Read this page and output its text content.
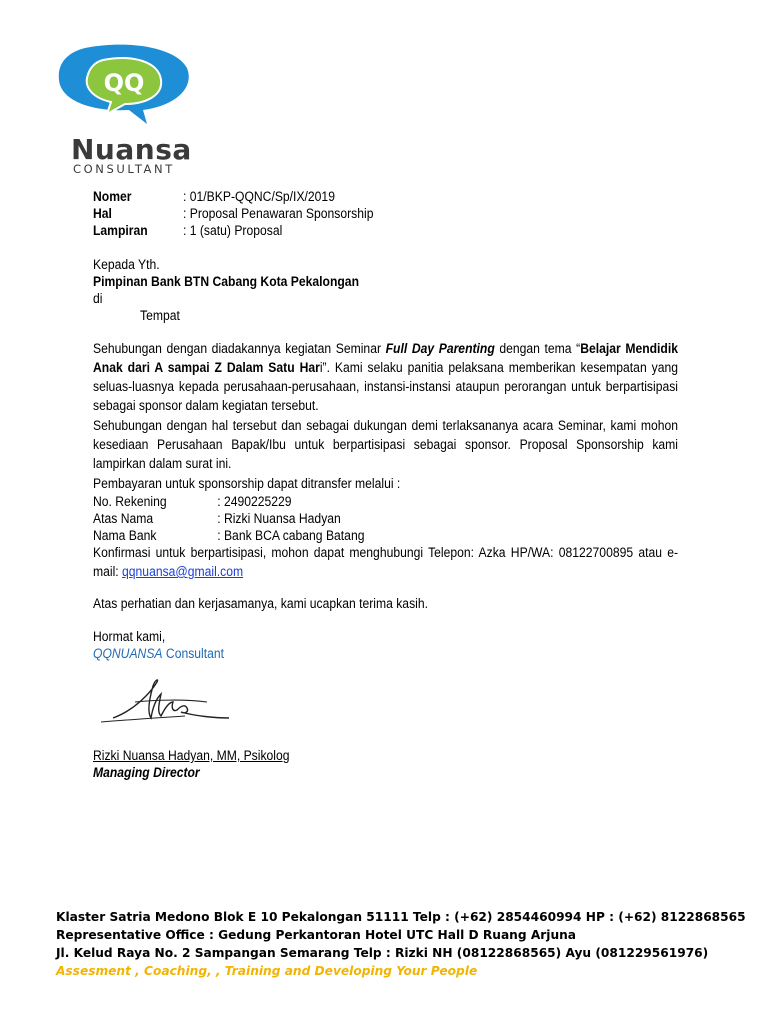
QQ
Nuansa
CONSULTANT
Nomer	: 01/BKP-QQNC/Sp/IX/2019
Hal	: Proposal Penawaran Sponsorship
Lampiran	: 1 (satu) Proposal
Kepada Yth.
Pimpinan Bank BTN Cabang Kota Pekalongan
di
Tempat
Sehubungan dengan diadakannya kegiatan Seminar Full Day Parenting dengan tema “Belajar Mendidik Anak dari A sampai Z Dalam Satu Hari”. Kami selaku panitia pelaksana memberikan kesempatan yang seluas-luasnya kepada perusahaan-perusahaan, instansi-instansi ataupun perorangan untuk berpartisipasi sebagai sponsor dalam kegiatan tersebut.
Sehubungan dengan hal tersebut dan sebagai dukungan demi terlaksananya acara Seminar, kami mohon kesediaan Perusahaan Bapak/Ibu untuk berpartisipasi sebagai sponsor. Proposal Sponsorship kami lampirkan dalam surat ini.
Pembayaran untuk sponsorship dapat ditransfer melalui :
No. Rekening	: 2490225229
Atas Nama	: Rizki Nuansa Hadyan
Nama Bank	: Bank BCA cabang Batang
Konfirmasi untuk berpartisipasi, mohon dapat menghubungi Telepon: Azka HP/WA: 08122700895 atau e-mail: qqnuansa@gmail.com
Atas perhatian dan kerjasamanya, kami ucapkan terima kasih.
Hormat kami,
QQNUANSA Consultant
Rizki Nuansa Hadyan, MM, Psikolog
Managing Director
Klaster Satria Medono Blok E 10 Pekalongan 51111 Telp : (+62) 2854460994 HP : (+62) 8122868565
Representative Office : Gedung Perkantoran Hotel UTC Hall D Ruang Arjuna
Jl. Kelud Raya No. 2 Sampangan Semarang Telp : Rizki NH (08122868565) Ayu (081229561976)
Assesment , Coaching, , Training and Developing Your People
